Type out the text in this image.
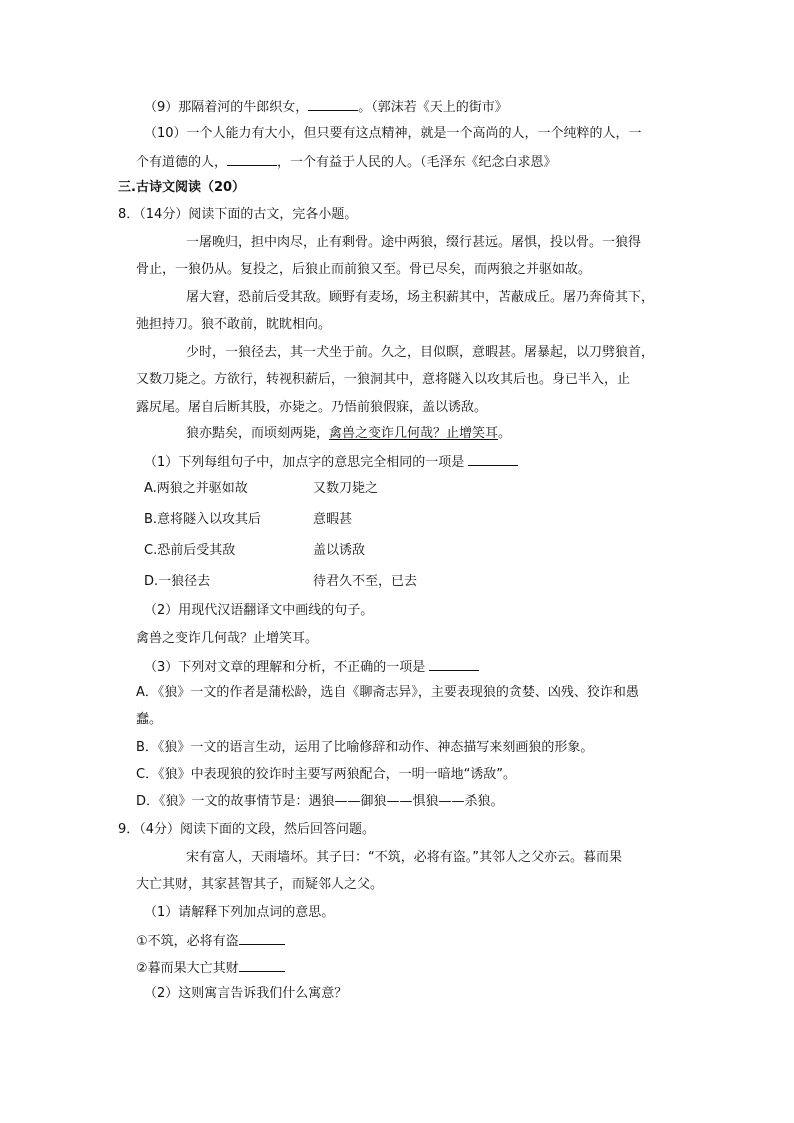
（9）那隔着河的牛郎织女，	。（郭沫若《天上的街市》
（10）一个人能力有大小，但只要有这点精神，就是一个高尚的人，一个纯粹的人，一
个有道德的人，	，一个有益于人民的人。（毛泽东《纪念白求恩》
三.古诗文阅读（20）
8．（14分）阅读下面的古文，完各小题。
一屠晚归，担中肉尽，止有剩骨。途中两狼，缀行甚远。屠惧，投以骨。一狼得
骨止，一狼仍从。复投之，后狼止而前狼又至。骨已尽矣，而两狼之并驱如故。
屠大窘，恐前后受其敌。顾野有麦场，场主积薪其中，苫蔽成丘。屠乃奔倚其下，
弛担持刀。狼不敢前，眈眈相向。
少时，一狼径去，其一犬坐于前。久之，目似瞑，意暇甚。屠暴起，以刀劈狼首，
又数刀毙之。方欲行，转视积薪后，一狼洞其中，意将隧入以攻其后也。身已半入，止
露尻尾。屠自后断其股，亦毙之。乃悟前狼假寐，盖以诱敌。
狼亦黠矣，而顷刻两毙，禽兽之变诈几何哉？止增笑耳。
（1）下列每组句子中，加点字的意思完全相同的一项是
A.两狼之并驱如故	又数刀毙之
B.意将隧入以攻其后	意暇甚
C.恐前后受其敌	盖以诱敌
D.一狼径去	待君久不至，已去
（2）用现代汉语翻译文中画线的句子。
禽兽之变诈几何哉？止增笑耳。
（3）下列对文章的理解和分析，不正确的一项是
A．《狼》一文的作者是蒲松龄，选自《聊斋志异》，主要表现狼的贪婪、凶残、狡诈和愚
蠢。
B．《狼》一文的语言生动，运用了比喻修辞和动作、神态描写来刻画狼的形象。
C．《狼》中表现狼的狡诈时主要写两狼配合，一明一暗地“诱敌”。
D．《狼》一文的故事情节是：遇狼——御狼——惧狼——杀狼。
9．（4分）阅读下面的文段，然后回答问题。
宋有富人，天雨墙坏。其子曰：“不筑，必将有盗。”其邻人之父亦云。暮而果
大亡其财，其家甚智其子，而疑邻人之父。
（1）请解释下列加点词的意思。
①不筑，必将有盗
②暮而果大亡其财
（2）这则寓言告诉我们什么寓意？
